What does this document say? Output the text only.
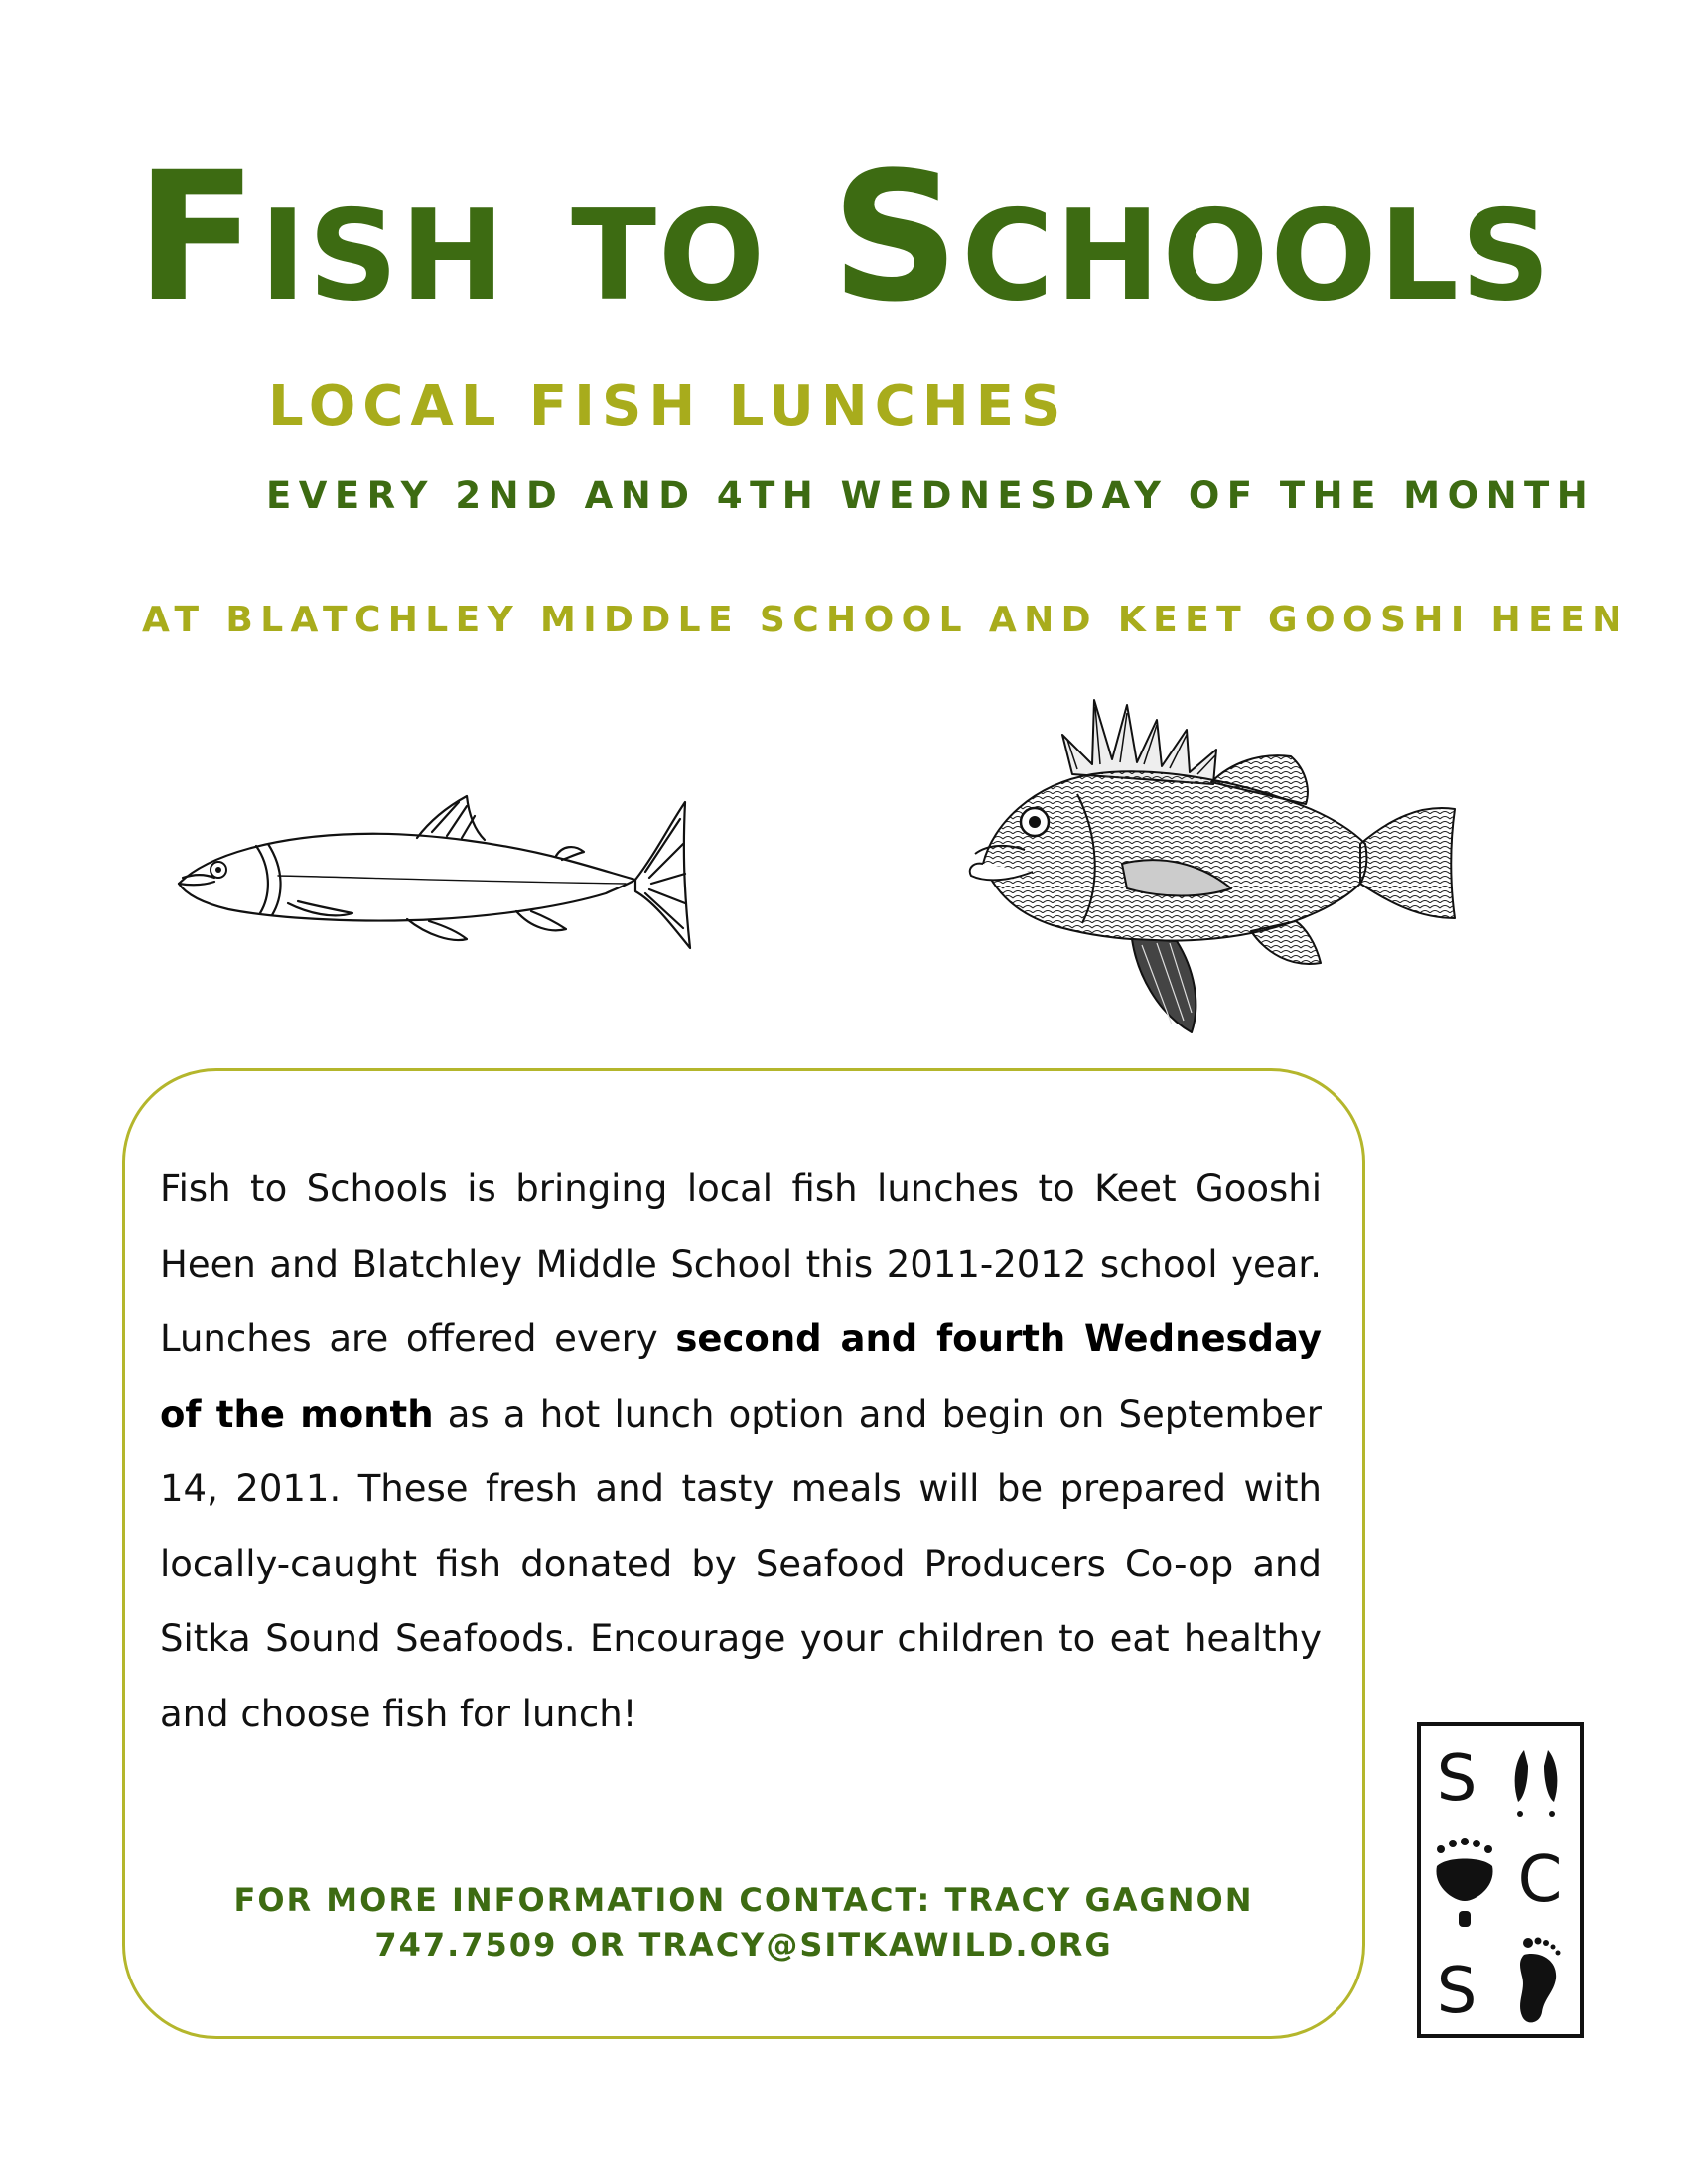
Fish to Schools
LOCAL FISH LUNCHES

EVERY 2ND AND 4TH WEDNESDAY OF THE MONTH

AT BLATCHLEY MIDDLE SCHOOL AND KEET GOOSHI HEEN

Fish to Schools is bringing local fish lunches to Keet Gooshi Heen and Blatchley Middle School this 2011-2012 school year. Lunches are offered every second and fourth Wednesday of the month as a hot lunch option and begin on September 14, 2011. These fresh and tasty meals will be prepared with locally-caught fish donated by Seafood Producers Co-op and Sitka Sound Seafoods. Encourage your children to eat healthy and choose fish for lunch!

FOR MORE INFORMATION CONTACT: TRACY GAGNON

747.7509 OR TRACY@SITKAWILD.ORG

S
C
S
